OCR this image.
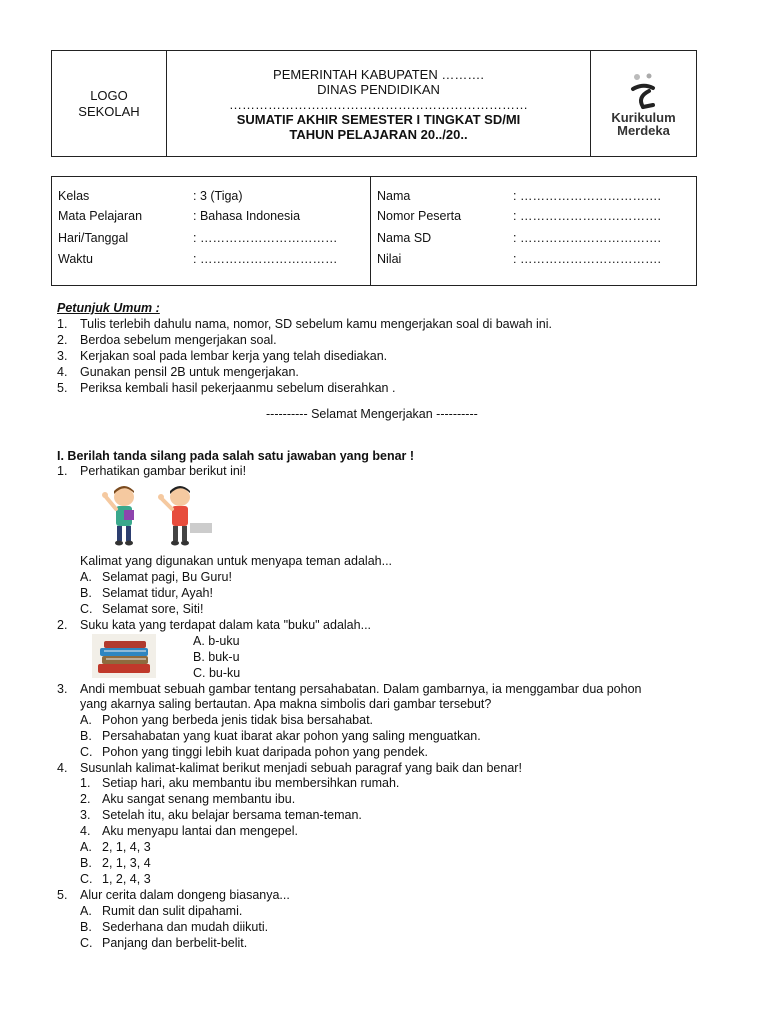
LOGO
SEKOLAH
PEMERINTAH KABUPATEN ……….
DINAS PENDIDIKAN
……………………………………………………………
SUMATIF AKHIR SEMESTER I TINGKAT SD/MI
TAHUN PELAJARAN 20../20..
Kurikulum
Merdeka
Kelas	: 3 (Tiga)
Mata Pelajaran	: Bahasa Indonesia
Hari/Tanggal	: ……………………………
Waktu	: ……………………………
Nama	: …………………………….
Nomor Peserta	: …………………………….
Nama SD	: …………………………….
Nilai	: …………………………….
Petunjuk Umum :
1. Tulis terlebih dahulu nama, nomor, SD sebelum kamu mengerjakan soal di bawah ini.
2. Berdoa sebelum mengerjakan soal.
3. Kerjakan soal pada lembar kerja yang telah disediakan.
4. Gunakan pensil 2B untuk mengerjakan.
5. Periksa kembali hasil pekerjaanmu sebelum diserahkan .
---------- Selamat Mengerjakan ----------
I. Berilah tanda silang pada salah satu jawaban yang benar !
1. Perhatikan gambar berikut ini!
Kalimat yang digunakan untuk menyapa teman adalah...
A. Selamat pagi, Bu Guru!
B. Selamat tidur, Ayah!
C. Selamat sore, Siti!
2. Suku kata yang terdapat dalam kata "buku" adalah...
A. b-uku
B. buk-u
C. bu-ku
3. Andi membuat sebuah gambar tentang persahabatan. Dalam gambarnya, ia menggambar dua pohon
yang akarnya saling bertautan. Apa makna simbolis dari gambar tersebut?
A. Pohon yang berbeda jenis tidak bisa bersahabat.
B. Persahabatan yang kuat ibarat akar pohon yang saling menguatkan.
C. Pohon yang tinggi lebih kuat daripada pohon yang pendek.
4. Susunlah kalimat-kalimat berikut menjadi sebuah paragraf yang baik dan benar!
1. Setiap hari, aku membantu ibu membersihkan rumah.
2. Aku sangat senang membantu ibu.
3. Setelah itu, aku belajar bersama teman-teman.
4. Aku menyapu lantai dan mengepel.
A. 2, 1, 4, 3
B. 2, 1, 3, 4
C. 1, 2, 4, 3
5. Alur cerita dalam dongeng biasanya...
A. Rumit dan sulit dipahami.
B. Sederhana dan mudah diikuti.
C. Panjang dan berbelit-belit.
